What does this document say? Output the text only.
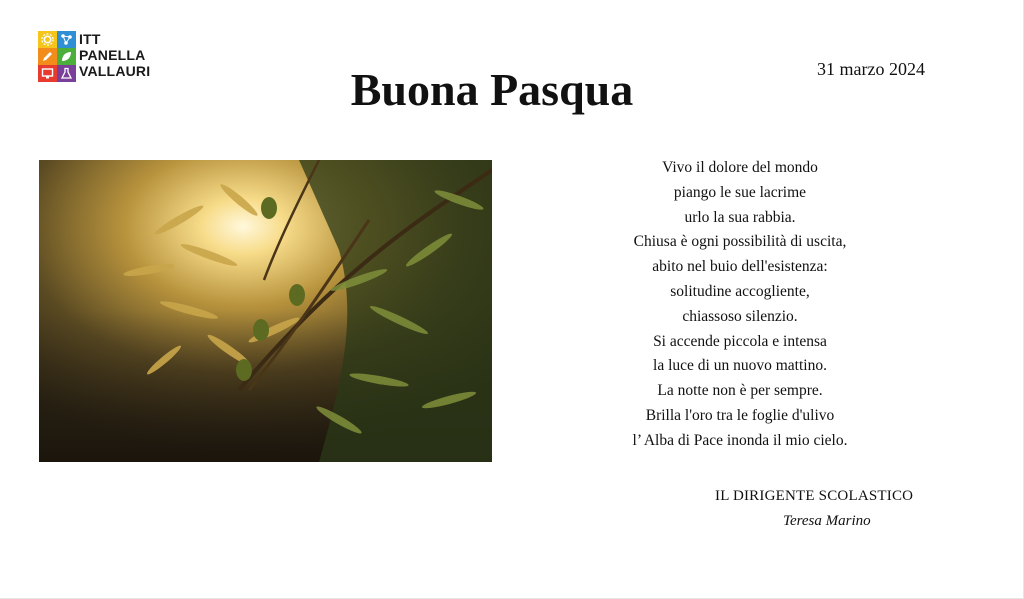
ITT
PANELLA
VALLAURI	Buona Pasqua	31 marzo 2024
Vivo il dolore del mondo
piango le sue lacrime
urlo la sua rabbia.
Chiusa è ogni possibilità di uscita,
abito nel buio dell'esistenza:
solitudine accogliente,
chiassoso silenzio.
Si accende piccola e intensa
la luce di un nuovo mattino.
La notte non è per sempre.
Brilla l'oro tra le foglie d'ulivo
l’ Alba di Pace inonda il mio cielo.
IL DIRIGENTE SCOLASTICO
Teresa Marino
